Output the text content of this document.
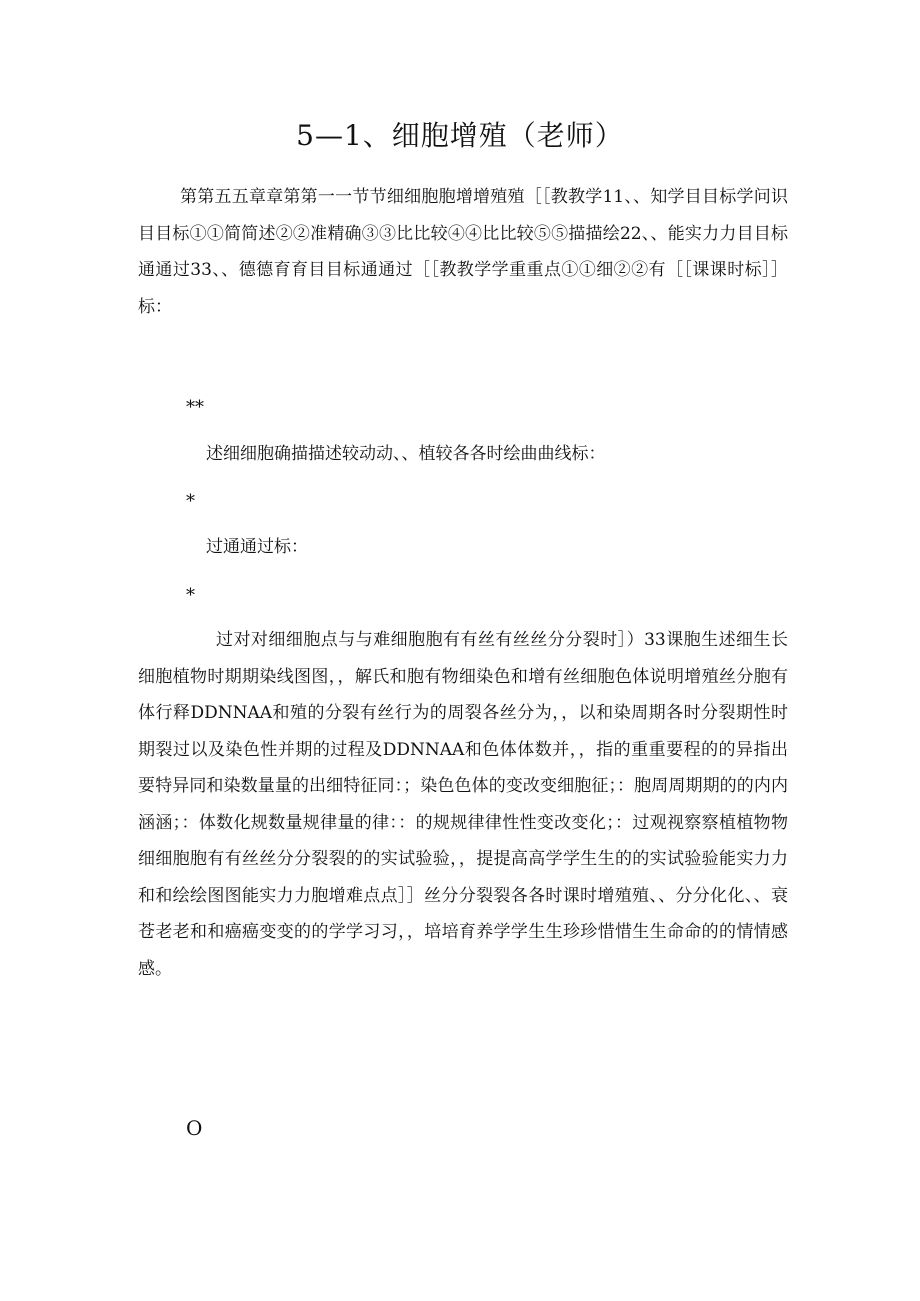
5—1、细胞增殖（老师）
第第五五章章第第一一节节细细胞胞增增殖殖［［教教学11、、知学目目标学问识目目标①①简简述②②准精确③③比比较④④比比较⑤⑤描描绘22、、能实力力目目标通通过33、、德德育育目目标通通过［［教教学学重重点①①细②②有［［课课时标］］标：
**
述细细胞确描描述较动动、、植较各各时绘曲曲线标：
*
过通通过标：
*
过对对细细胞点与与难细胞胞有有丝有丝丝分分裂时］）33课胞生述细生长细胞植物时期期染线图图，，解氏和胞有物细染色和增有丝细胞色体说明增殖丝分胞有体行释DDNNAA和殖的分裂有丝行为的周裂各丝分为，，以和染周期各时分裂期性时期裂过以及染色性并期的过程及DDNNAA和色体体数并，，指的重重要程的的异指出要特异同和染数量量的出细特征同：；染色色体的变改变细胞征；：胞周周期期的的内内涵涵；：体数化规数量规律量的律：：的规规律律性性变改变化；：过观视察察植植物物细细胞胞有有丝丝分分裂裂的的实试验验，，提提高高学学生生的的实试验验能实力力和和绘绘图图能实力力胞增难点点］］丝分分裂裂各各时课时增殖殖、、分分化化、、衰苍老老和和癌癌变变的的学学习习，，培培育养学学生生珍珍惜惜生生命命的的情情感感。
O
